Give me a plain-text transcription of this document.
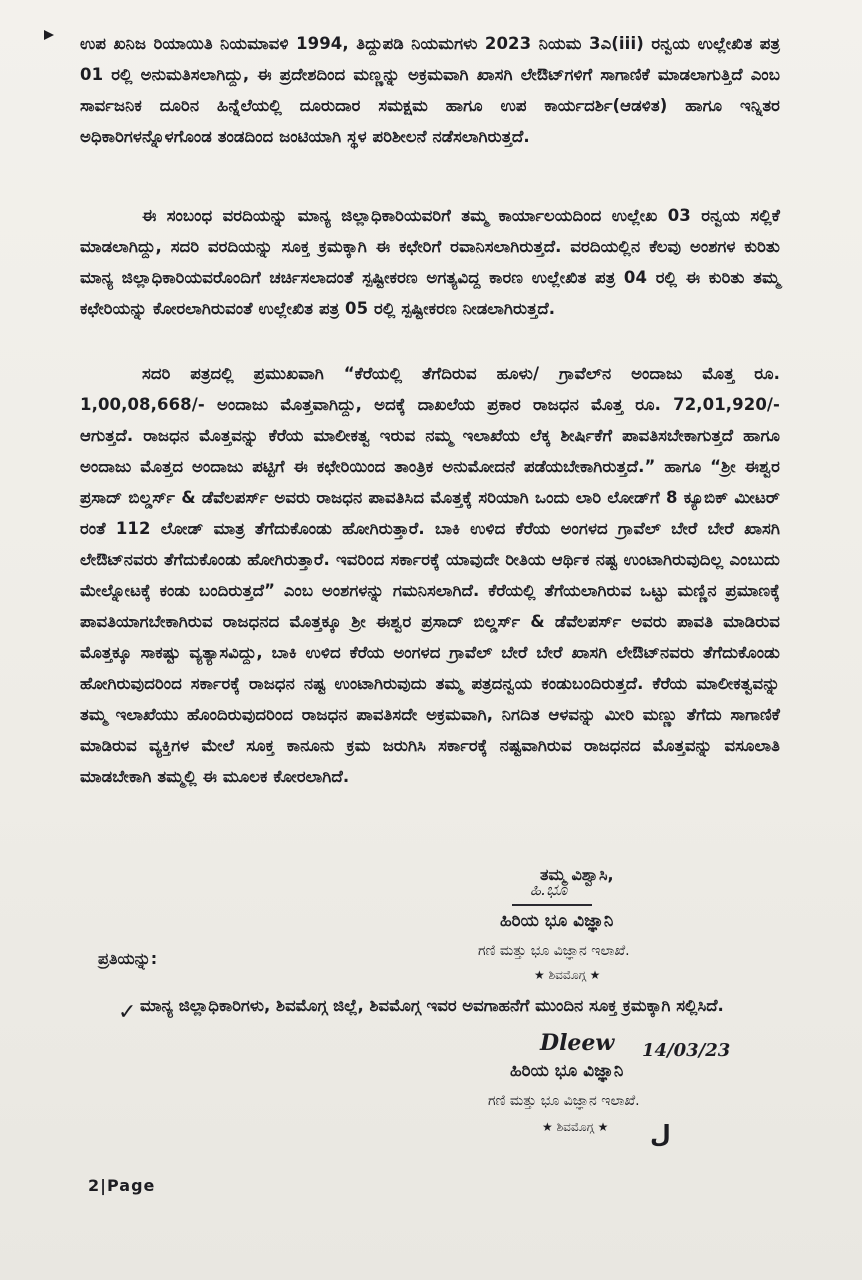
ಉಪ ಖನಿಜ ರಿಯಾಯಿತಿ ನಿಯಮಾವಳಿ 1994, ತಿದ್ದುಪಡಿ ನಿಯಮಗಳು 2023 ನಿಯಮ 3ಎ(iii) ರನ್ವಯ ಉಲ್ಲೇಖಿತ ಪತ್ರ 01 ರಲ್ಲಿ ಅನುಮತಿಸಲಾಗಿದ್ದು, ಈ ಪ್ರದೇಶದಿಂದ ಮಣ್ಣನ್ನು ಅಕ್ರಮವಾಗಿ ಖಾಸಗಿ ಲೇಔಟ್‌ಗಳಿಗೆ ಸಾಗಾಣಿಕೆ ಮಾಡಲಾಗುತ್ತಿದೆ ಎಂಬ ಸಾರ್ವಜನಿಕ ದೂರಿನ ಹಿನ್ನೆಲೆಯಲ್ಲಿ ದೂರುದಾರ ಸಮಕ್ಷಮ ಹಾಗೂ ಉಪ ಕಾರ್ಯದರ್ಶಿ(ಆಡಳಿತ) ಹಾಗೂ ಇನ್ನಿತರ ಅಧಿಕಾರಿಗಳನ್ನೊಳಗೊಂಡ ತಂಡದಿಂದ ಜಂಟಿಯಾಗಿ ಸ್ಥಳ ಪರಿಶೀಲನೆ ನಡೆಸಲಾಗಿರುತ್ತದೆ.

ಈ ಸಂಬಂಧ ವರದಿಯನ್ನು ಮಾನ್ಯ ಜಿಲ್ಲಾಧಿಕಾರಿಯವರಿಗೆ ತಮ್ಮ ಕಾರ್ಯಾಲಯದಿಂದ ಉಲ್ಲೇಖ 03 ರನ್ವಯ ಸಲ್ಲಿಕೆ ಮಾಡಲಾಗಿದ್ದು, ಸದರಿ ವರದಿಯನ್ನು ಸೂಕ್ತ ಕ್ರಮಕ್ಕಾಗಿ ಈ ಕಛೇರಿಗೆ ರವಾನಿಸಲಾಗಿರುತ್ತದೆ. ವರದಿಯಲ್ಲಿನ ಕೆಲವು ಅಂಶಗಳ ಕುರಿತು ಮಾನ್ಯ ಜಿಲ್ಲಾಧಿಕಾರಿಯವರೊಂದಿಗೆ ಚರ್ಚಿಸಲಾದಂತೆ ಸ್ಪಷ್ಟೀಕರಣ ಅಗತ್ಯವಿದ್ದ ಕಾರಣ ಉಲ್ಲೇಖಿತ ಪತ್ರ 04 ರಲ್ಲಿ ಈ ಕುರಿತು ತಮ್ಮ ಕಛೇರಿಯನ್ನು ಕೋರಲಾಗಿರುವಂತೆ ಉಲ್ಲೇಖಿತ ಪತ್ರ 05 ರಲ್ಲಿ ಸ್ಪಷ್ಟೀಕರಣ ನೀಡಲಾಗಿರುತ್ತದೆ.

ಸದರಿ ಪತ್ರದಲ್ಲಿ ಪ್ರಮುಖವಾಗಿ “ಕೆರೆಯಲ್ಲಿ ತೆಗೆದಿರುವ ಹೂಳು/ ಗ್ರಾವೆಲ್‌ನ ಅಂದಾಜು ಮೊತ್ತ ರೂ. 1,00,08,668/- ಅಂದಾಜು ಮೊತ್ತವಾಗಿದ್ದು, ಅದಕ್ಕೆ ದಾಖಲೆಯ ಪ್ರಕಾರ ರಾಜಧನ ಮೊತ್ತ ರೂ. 72,01,920/- ಆಗುತ್ತದೆ. ರಾಜಧನ ಮೊತ್ತವನ್ನು ಕೆರೆಯ ಮಾಲೀಕತ್ವ ಇರುವ ನಮ್ಮ ಇಲಾಖೆಯ ಲೆಕ್ಕ ಶೀರ್ಷಿಕೆಗೆ ಪಾವತಿಸಬೇಕಾಗುತ್ತದೆ ಹಾಗೂ ಅಂದಾಜು ಮೊತ್ತದ ಅಂದಾಜು ಪಟ್ಟಿಗೆ ಈ ಕಛೇರಿಯಿಂದ ತಾಂತ್ರಿಕ ಅನುಮೋದನೆ ಪಡೆಯಬೇಕಾಗಿರುತ್ತದೆ.” ಹಾಗೂ “ಶ್ರೀ ಈಶ್ವರ ಪ್ರಸಾದ್ ಬಿಲ್ಡರ್ಸ್ & ಡೆವೆಲಪರ್ಸ್ ಅವರು ರಾಜಧನ ಪಾವತಿಸಿದ ಮೊತ್ತಕ್ಕೆ ಸರಿಯಾಗಿ ಒಂದು ಲಾರಿ ಲೋಡ್‌ಗೆ 8 ಕ್ಯೂಬಿಕ್ ಮೀಟರ್ ರಂತೆ 112 ಲೋಡ್ ಮಾತ್ರ ತೆಗೆದುಕೊಂಡು ಹೋಗಿರುತ್ತಾರೆ. ಬಾಕಿ ಉಳಿದ ಕೆರೆಯ ಅಂಗಳದ ಗ್ರಾವೆಲ್ ಬೇರೆ ಬೇರೆ ಖಾಸಗಿ ಲೇಔಟ್‌ನವರು ತೆಗೆದುಕೊಂಡು ಹೋಗಿರುತ್ತಾರೆ. ಇವರಿಂದ ಸರ್ಕಾರಕ್ಕೆ ಯಾವುದೇ ರೀತಿಯ ಆರ್ಥಿಕ ನಷ್ಟ ಉಂಟಾಗಿರುವುದಿಲ್ಲ ಎಂಬುದು ಮೇಲ್ನೋಟಕ್ಕೆ ಕಂಡು ಬಂದಿರುತ್ತದೆ” ಎಂಬ ಅಂಶಗಳನ್ನು ಗಮನಿಸಲಾಗಿದೆ. ಕೆರೆಯಲ್ಲಿ ತೆಗೆಯಲಾಗಿರುವ ಒಟ್ಟು ಮಣ್ಣಿನ ಪ್ರಮಾಣಕ್ಕೆ ಪಾವತಿಯಾಗಬೇಕಾಗಿರುವ ರಾಜಧನದ ಮೊತ್ತಕ್ಕೂ ಶ್ರೀ ಈಶ್ವರ ಪ್ರಸಾದ್ ಬಿಲ್ಡರ್ಸ್ & ಡೆವೆಲಪರ್ಸ್ ಅವರು ಪಾವತಿ ಮಾಡಿರುವ ಮೊತ್ತಕ್ಕೂ ಸಾಕಷ್ಟು ವ್ಯತ್ಯಾಸವಿದ್ದು, ಬಾಕಿ ಉಳಿದ ಕೆರೆಯ ಅಂಗಳದ ಗ್ರಾವೆಲ್ ಬೇರೆ ಬೇರೆ ಖಾಸಗಿ ಲೇಔಟ್‌ನವರು ತೆಗೆದುಕೊಂಡು ಹೋಗಿರುವುದರಿಂದ ಸರ್ಕಾರಕ್ಕೆ ರಾಜಧನ ನಷ್ಟ ಉಂಟಾಗಿರುವುದು ತಮ್ಮ ಪತ್ರದನ್ವಯ ಕಂಡುಬಂದಿರುತ್ತದೆ. ಕೆರೆಯ ಮಾಲೀಕತ್ವವನ್ನು ತಮ್ಮ ಇಲಾಖೆಯು ಹೊಂದಿರುವುದರಿಂದ ರಾಜಧನ ಪಾವತಿಸದೇ ಅಕ್ರಮವಾಗಿ, ನಿಗದಿತ ಆಳವನ್ನು ಮೀರಿ ಮಣ್ಣು ತೆಗೆದು ಸಾಗಾಣಿಕೆ ಮಾಡಿರುವ ವ್ಯಕ್ತಿಗಳ ಮೇಲೆ ಸೂಕ್ತ ಕಾನೂನು ಕ್ರಮ ಜರುಗಿಸಿ ಸರ್ಕಾರಕ್ಕೆ ನಷ್ಟವಾಗಿರುವ ರಾಜಧನದ ಮೊತ್ತವನ್ನು ವಸೂಲಾತಿ ಮಾಡಬೇಕಾಗಿ ತಮ್ಮಲ್ಲಿ ಈ ಮೂಲಕ ಕೋರಲಾಗಿದೆ.

ತಮ್ಮ ವಿಶ್ವಾಸಿ,

ಹಿ.ಭೂ

ಹಿರಿಯ ಭೂ ವಿಜ್ಞಾನಿ

ಗಣಿ ಮತ್ತು ಭೂ ವಿಜ್ಞಾನ ಇಲಾಖೆ.

★ ಶಿವಮೊಗ್ಗ ★

ಪ್ರತಿಯನ್ನು:

✓ ಮಾನ್ಯ ಜಿಲ್ಲಾಧಿಕಾರಿಗಳು, ಶಿವಮೊಗ್ಗ ಜಿಲ್ಲೆ, ಶಿವಮೊಗ್ಗ ಇವರ ಅವಗಾಹನೆಗೆ ಮುಂದಿನ ಸೂಕ್ತ ಕ್ರಮಕ್ಕಾಗಿ ಸಲ್ಲಿಸಿದೆ.

Dleew 14/03/23

ಹಿರಿಯ ಭೂ ವಿಜ್ಞಾನಿ

ಗಣಿ ಮತ್ತು ಭೂ ವಿಜ್ಞಾನ ಇಲಾಖೆ.

★ ಶಿವಮೊಗ್ಗ ★ ﻝ
2|Page
